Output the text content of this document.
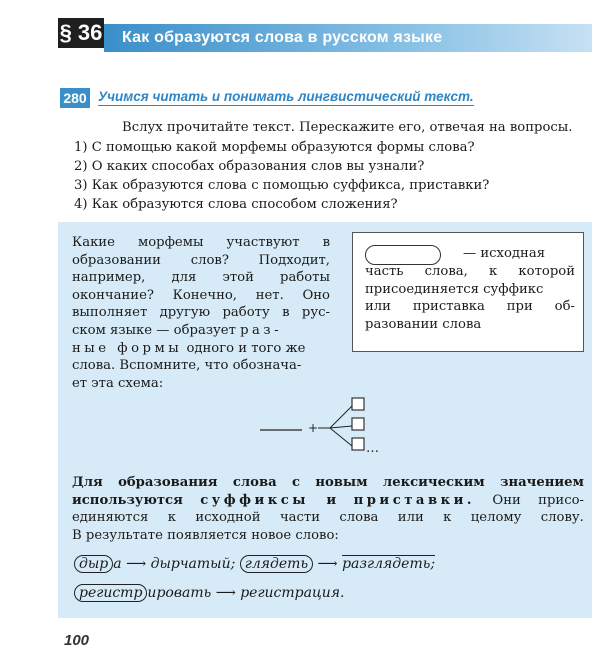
§ 36 Как образуются слова в русском языке
280 Учимся читать и понимать лингвистический текст.
Вслух прочитайте текст. Перескажите его, отвечая на вопросы.
1) С помощью какой морфемы образуются формы слова?
2) О каких способах образования слов вы узнали?
3) Как образуются слова с помощью суффикса, приставки?
4) Как образуются слова способом сложения?
Какие морфемы участвуют в
образовании слов? Подходит,
например, для этой работы
окончание? Конечно, нет. Оно
выполняет другую работу в рус-
ском языке — образует раз-
ные формы одного и того же
слова. Вспомните, что обознача-
ет эта схема:
— исходная
часть слова, к которой
присоединяется суффикс
или приставка при об-
разовании слова
+
…
Для образования слова с новым лексическим значением
используются суффиксы и приставки. Они присо-
единяются к исходной части слова или к целому слову.
В результате появляется новое слово:
дыр а ⟶ дырчатый; глядеть ⟶ разглядеть;
регистр ировать ⟶ регистрация.
100
